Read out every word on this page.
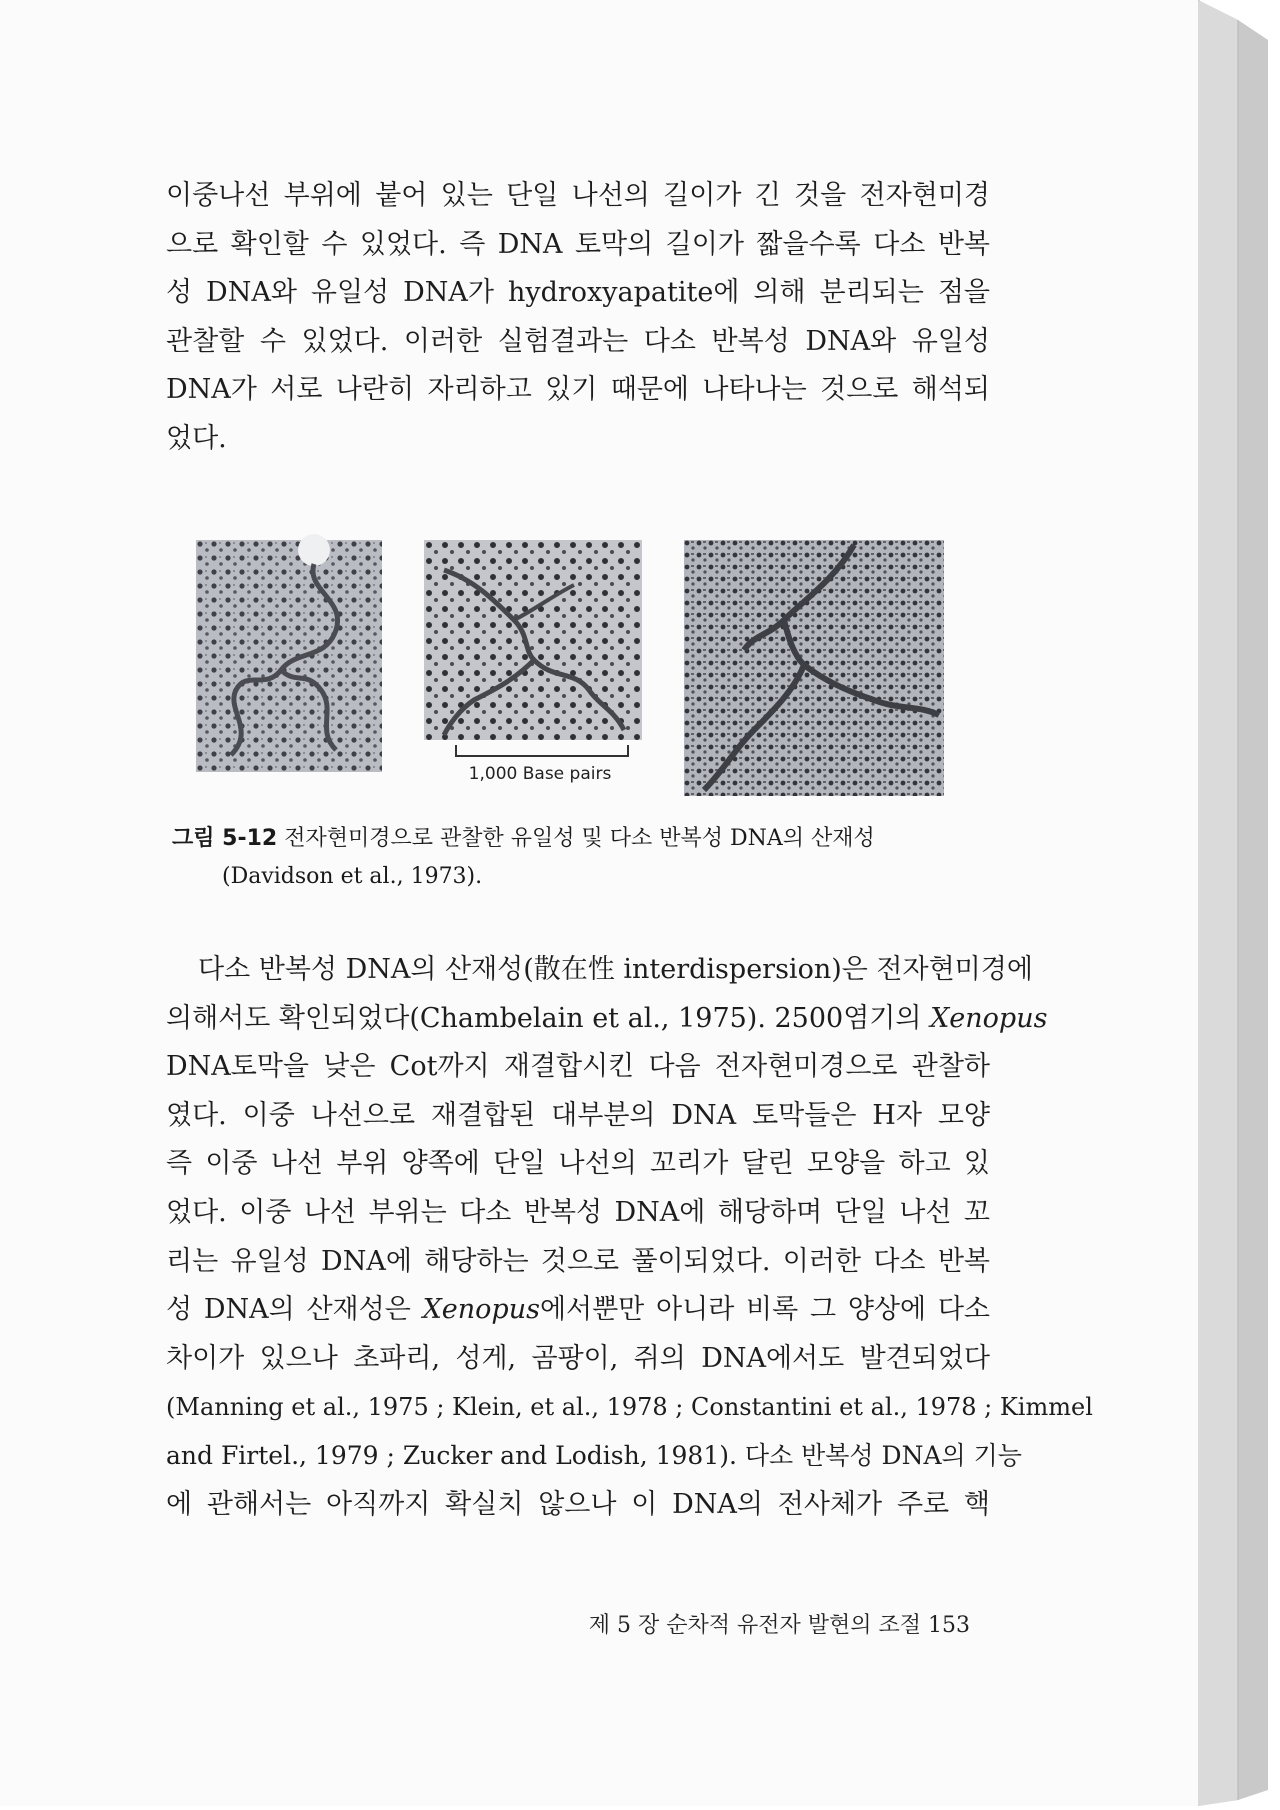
이중나선 부위에 붙어 있는 단일 나선의 길이가 긴 것을 전자현미경
으로 확인할 수 있었다. 즉 DNA 토막의 길이가 짧을수록 다소 반복
성 DNA와 유일성 DNA가 hydroxyapatite에 의해 분리되는 점을
관찰할 수 있었다. 이러한 실험결과는 다소 반복성 DNA와 유일성
DNA가 서로 나란히 자리하고 있기 때문에 나타나는 것으로 해석되
었다.
1,000 Base pairs
그림 5-12 전자현미경으로 관찰한 유일성 및 다소 반복성 DNA의 산재성
(Davidson et al., 1973).
다소 반복성 DNA의 산재성(散在性 interdispersion)은 전자현미경에
의해서도 확인되었다(Chambelain et al., 1975). 2500염기의 Xenopus
DNA토막을 낮은 Cot까지 재결합시킨 다음 전자현미경으로 관찰하
였다. 이중 나선으로 재결합된 대부분의 DNA 토막들은 H자 모양
즉 이중 나선 부위 양쪽에 단일 나선의 꼬리가 달린 모양을 하고 있
었다. 이중 나선 부위는 다소 반복성 DNA에 해당하며 단일 나선 꼬
리는 유일성 DNA에 해당하는 것으로 풀이되었다. 이러한 다소 반복
성 DNA의 산재성은 Xenopus에서뿐만 아니라 비록 그 양상에 다소
차이가 있으나 초파리, 성게, 곰팡이, 쥐의 DNA에서도 발견되었다
(Manning et al., 1975 ; Klein, et al., 1978 ; Constantini et al., 1978 ; Kimmel
and Firtel., 1979 ; Zucker and Lodish, 1981). 다소 반복성 DNA의 기능
에 관해서는 아직까지 확실치 않으나 이 DNA의 전사체가 주로 핵
제 5 장 순차적 유전자 발현의 조절 153
